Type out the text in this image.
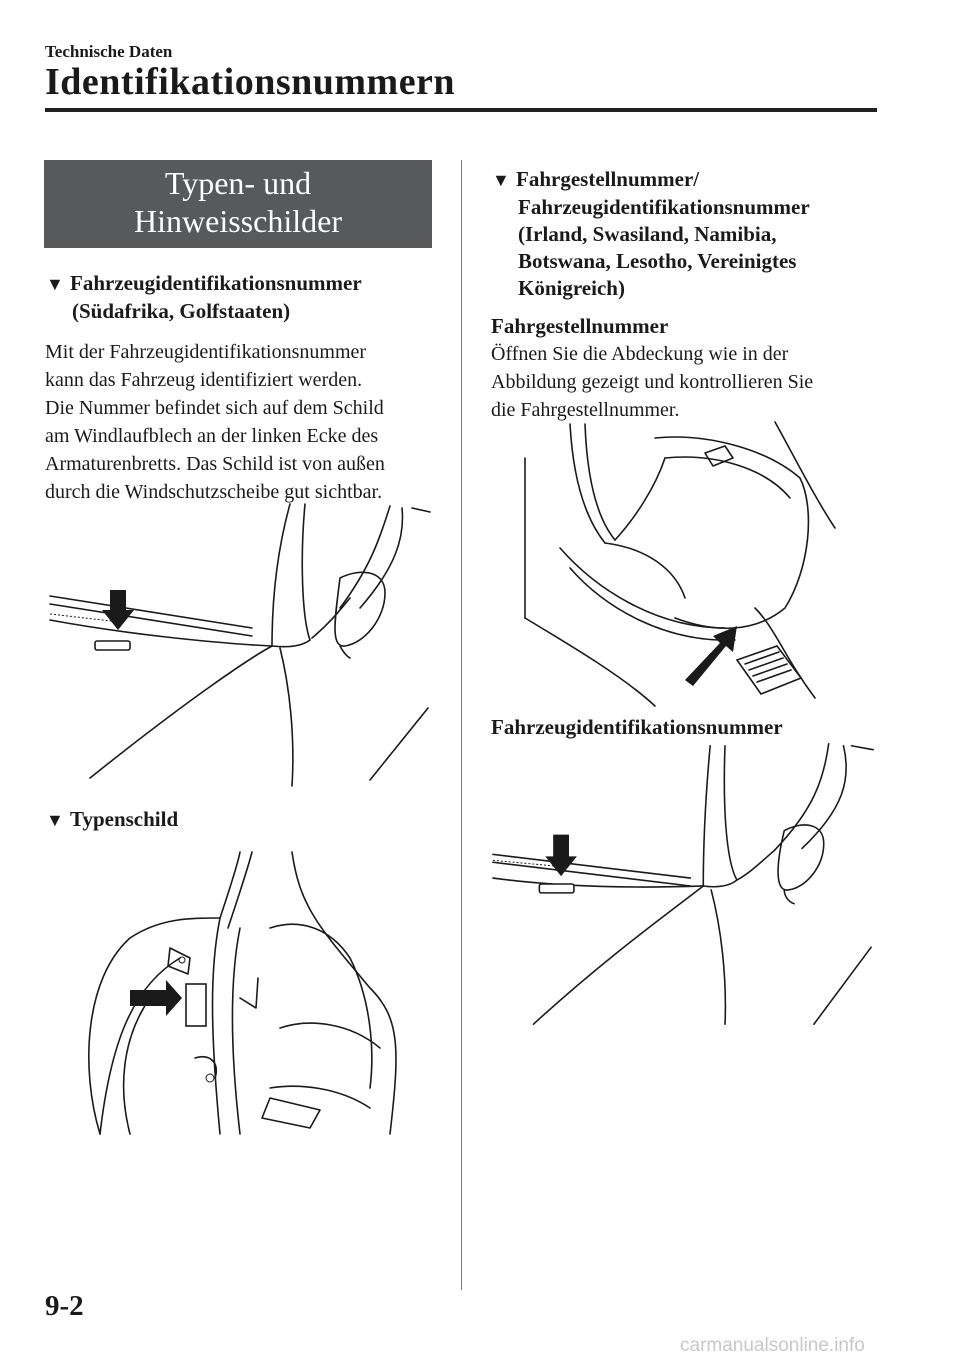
Technische Daten
Identifikationsnummern
Typen- und
Hinweisschilder
▼ Fahrzeugidentifikationsnummer
(Südafrika, Golfstaaten)
Mit der Fahrzeugidentifikationsnummer
kann das Fahrzeug identifiziert werden.
Die Nummer befindet sich auf dem Schild
am Windlaufblech an der linken Ecke des
Armaturenbretts. Das Schild ist von außen
durch die Windschutzscheibe gut sichtbar.
▼ Typenschild
▼ Fahrgestellnummer/
Fahrzeugidentifikationsnummer
(Irland, Swasiland, Namibia,
Botswana, Lesotho, Vereinigtes
Königreich)
Fahrgestellnummer
Öffnen Sie die Abdeckung wie in der
Abbildung gezeigt und kontrollieren Sie
die Fahrgestellnummer.
Fahrzeugidentifikationsnummer
9-2
carmanualsonline.info
